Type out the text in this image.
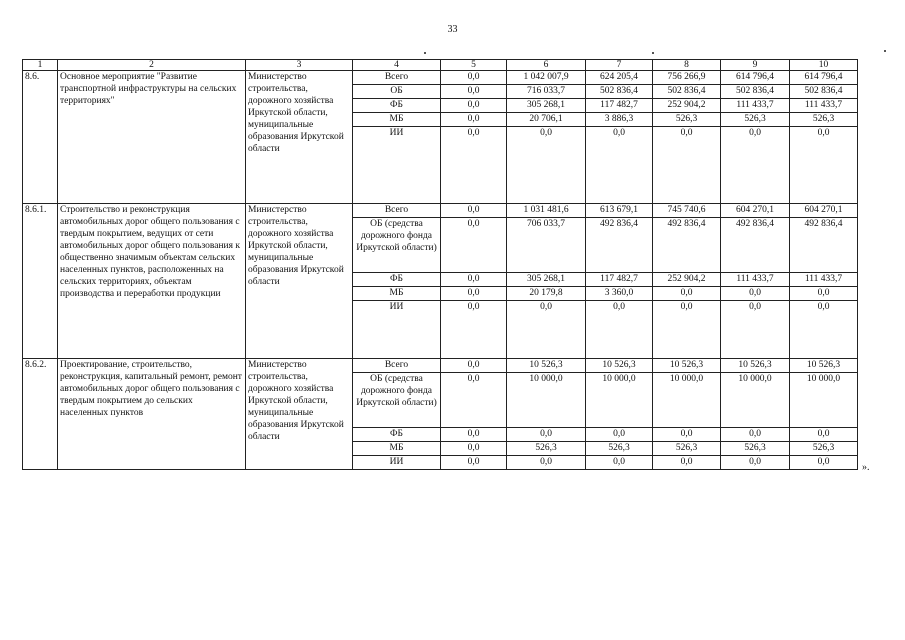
33
1	2	3	4	5	6	7	8	9	10
8.6.	Основное мероприятие "Развитие транспортной инфраструктуры на сельских территориях"	Министерство строительства, дорожного хозяйства Иркутской области, муниципальные образования Иркутской области	Всего	0,0	1 042 007,9	624 205,4	756 266,9	614 796,4	614 796,4
			ОБ	0,0	716 033,7	502 836,4	502 836,4	502 836,4	502 836,4
			ФБ	0,0	305 268,1	117 482,7	252 904,2	111 433,7	111 433,7
			МБ	0,0	20 706,1	3 886,3	526,3	526,3	526,3
			ИИ	0,0	0,0	0,0	0,0	0,0	0,0
8.6.1.	Строительство и реконструкция автомобильных дорог общего пользования с твердым покрытием, ведущих от сети автомобильных дорог общего пользования к общественно значимым объектам сельских населенных пунктов, расположенных на сельских территориях, объектам производства и переработки продукции	Министерство строительства, дорожного хозяйства Иркутской области, муниципальные образования Иркутской области	Всего	0,0	1 031 481,6	613 679,1	745 740,6	604 270,1	604 270,1
			ОБ (средства дорожного фонда Иркутской области)	0,0	706 033,7	492 836,4	492 836,4	492 836,4	492 836,4
			ФБ	0,0	305 268,1	117 482,7	252 904,2	111 433,7	111 433,7
			МБ	0,0	20 179,8	3 360,0	0,0	0,0	0,0
			ИИ	0,0	0,0	0,0	0,0	0,0	0,0
8.6.2.	Проектирование, строительство, реконструкция, капитальный ремонт, ремонт автомобильных дорог общего пользования с твердым покрытием до сельских населенных пунктов	Министерство строительства, дорожного хозяйства Иркутской области, муниципальные образования Иркутской области	Всего	0,0	10 526,3	10 526,3	10 526,3	10 526,3	10 526,3
			ОБ (средства дорожного фонда Иркутской области)	0,0	10 000,0	10 000,0	10 000,0	10 000,0	10 000,0
			ФБ	0,0	0,0	0,0	0,0	0,0	0,0
			МБ	0,0	526,3	526,3	526,3	526,3	526,3
			ИИ	0,0	0,0	0,0	0,0	0,0	0,0	».
